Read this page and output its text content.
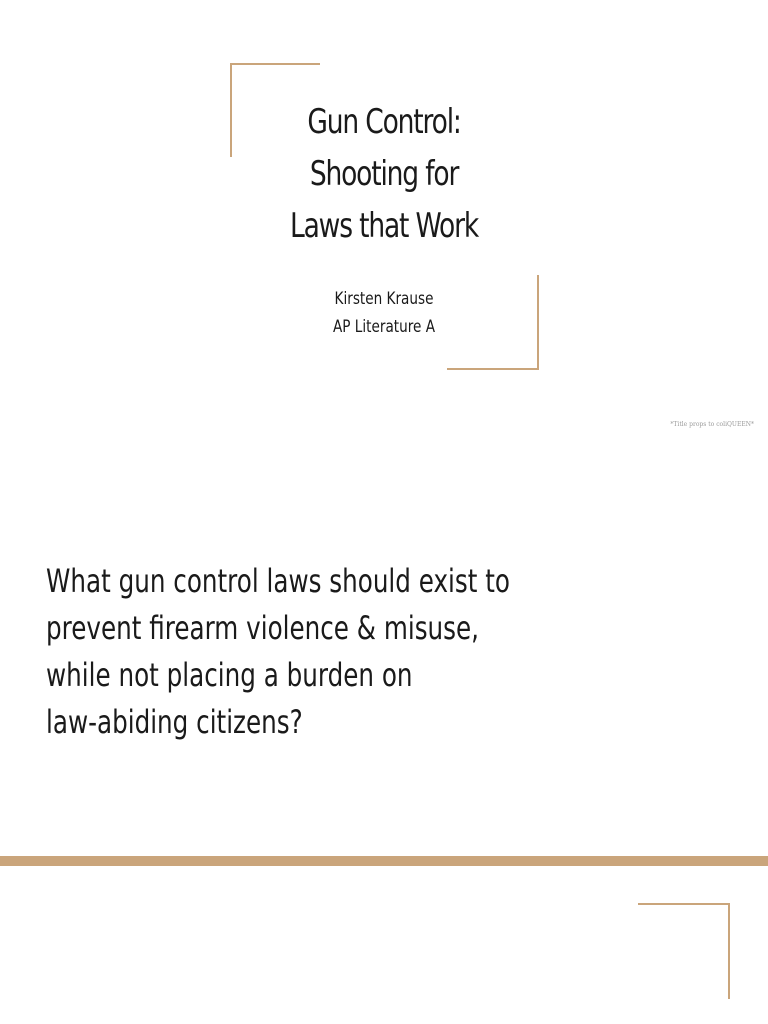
Gun Control:
Shooting for
Laws that Work
Kirsten Krause
AP Literature A
*Title props to coliQUEEN*
What gun control laws should exist to
prevent firearm violence & misuse,
while not placing a burden on
law-abiding citizens?
